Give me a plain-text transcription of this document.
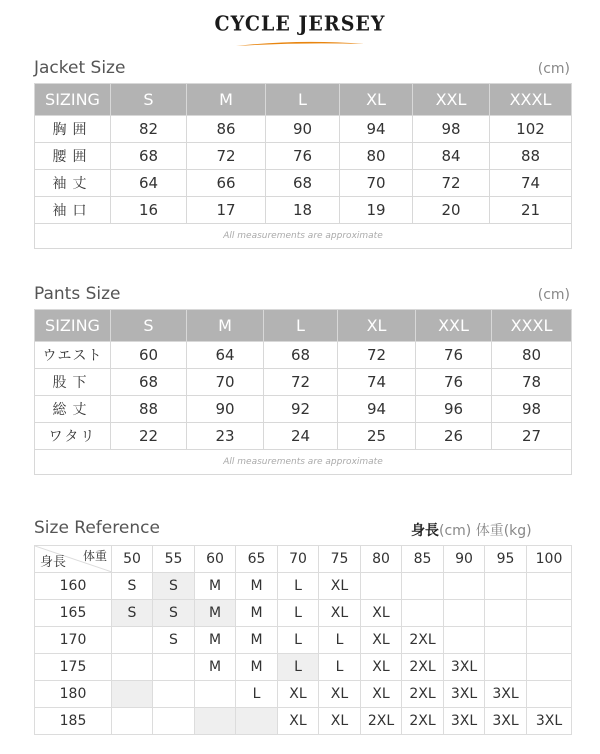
CYCLE JERSEY
Jacket Size	(cm)
SIZING	S	M	L	XL	XXL	XXXL
胸囲	82	86	90	94	98	102
腰囲	68	72	76	80	84	88
袖丈	64	66	68	70	72	74
袖口	16	17	18	19	20	21
All measurements are approximate						
Pants Size	(cm)
SIZING	S	M	L	XL	XXL	XXXL
ウエスト	60	64	68	72	76	80
股下	68	70	72	74	76	78
総丈	88	90	92	94	96	98
ワタリ	22	23	24	25	26	27
All measurements are approximate						
Size Reference	身長(cm) 体重(kg)
体重
身長	50	55	60	65	70	75	80	85	90	95	100
160	S	S	M	M	L	XL					
165	S	S	M	M	L	XL	XL				
170		S	M	M	L	L	XL	2XL			
175			M	M	L	L	XL	2XL	3XL		
180				L	XL	XL	XL	2XL	3XL	3XL	
185					XL	XL	2XL	2XL	3XL	3XL	3XL
